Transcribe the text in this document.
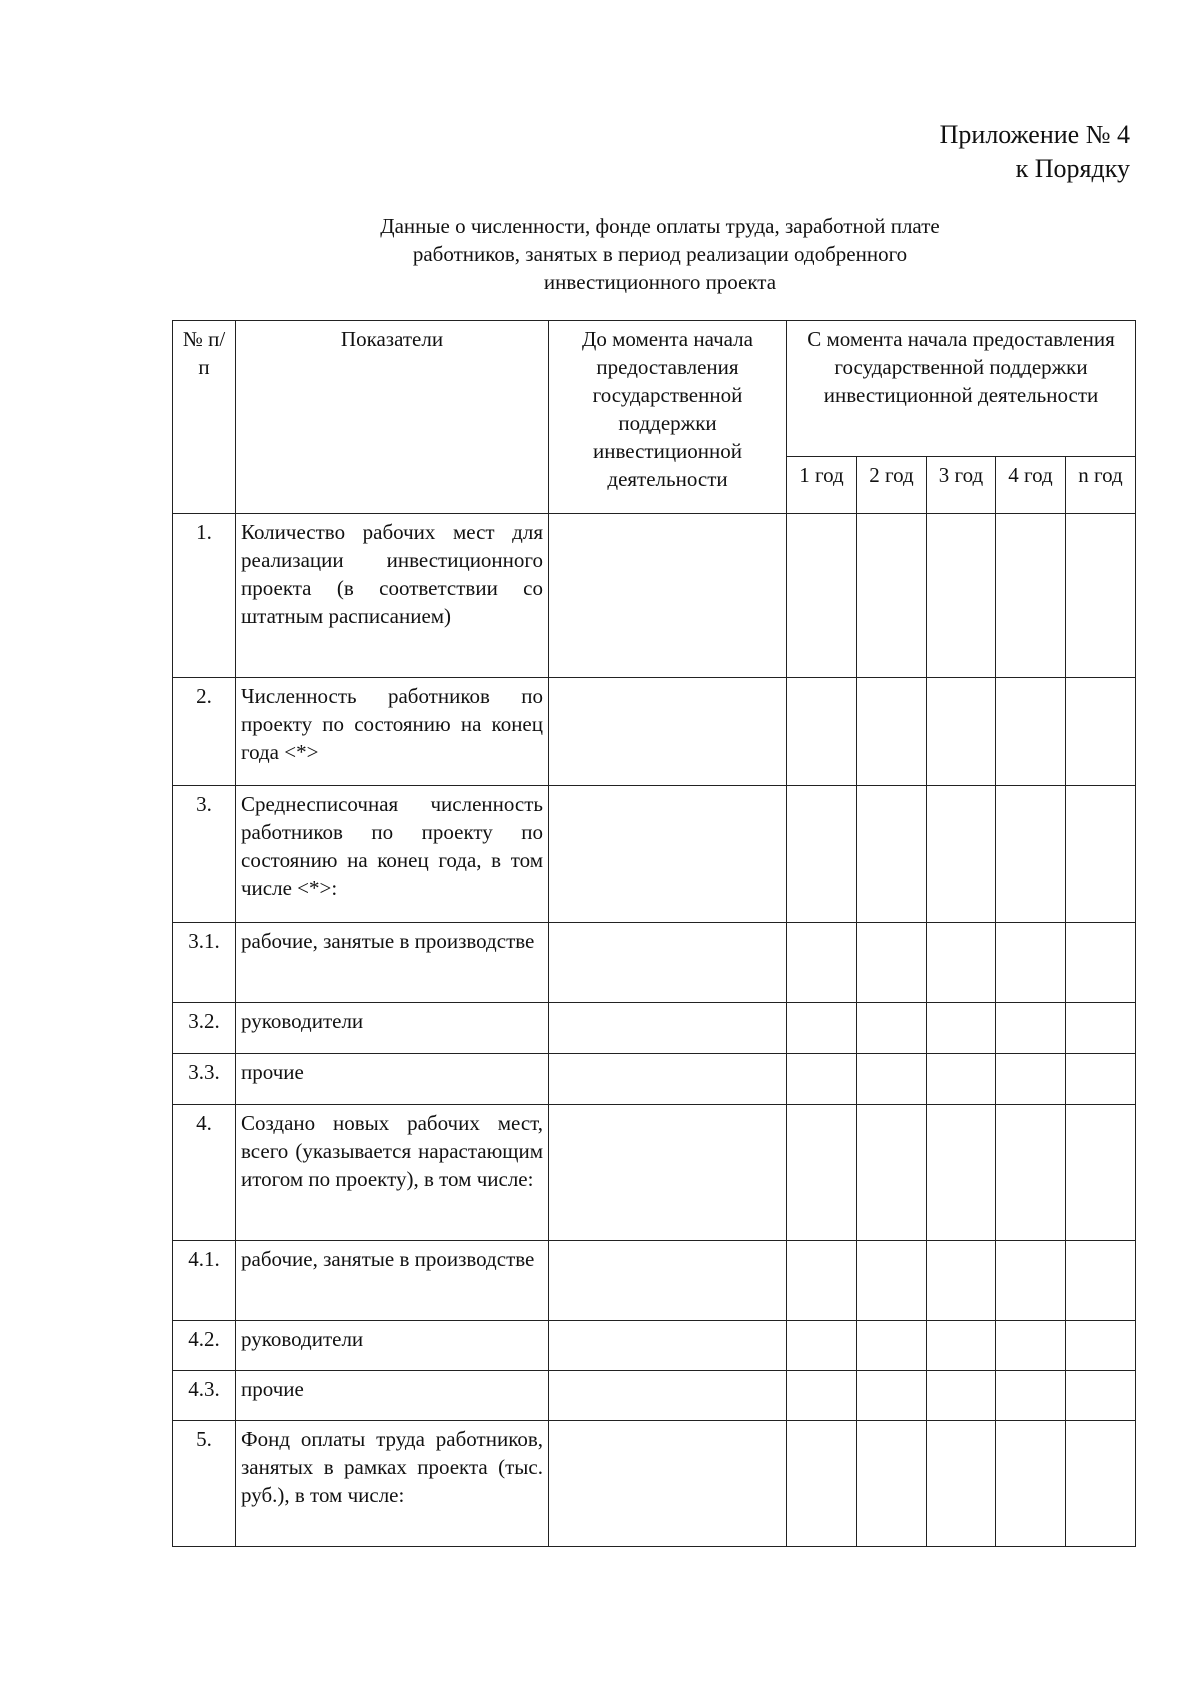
Приложение № 4
к Порядку
Данные о численности, фонде оплаты труда, заработной плате
работников, занятых в период реализации одобренного
инвестиционного проекта
№ п/п	Показатели	До момента начала предоставления государственной поддержки инвестиционной деятельности	С момента начала предоставления государственной поддержки инвестиционной деятельности				
			1 год	2 год	3 год	4 год	n год
1.	Количество рабочих мест для реализации инвестиционного проекта (в соответствии со штатным расписанием)						
2.	Численность работников по проекту по состоянию на конец года <*>						
3.	Среднесписочная численность работников по проекту по состоянию на конец года, в том числе <*>:						
3.1.	рабочие, занятые в производстве						
3.2.	руководители						
3.3.	прочие						
4.	Создано новых рабочих мест, всего (указывается нарастающим итогом по проекту), в том числе:						
4.1.	рабочие, занятые в производстве						
4.2.	руководители						
4.3.	прочие						
5.	Фонд оплаты труда работников, занятых в рамках проекта (тыс. руб.), в том числе:						
